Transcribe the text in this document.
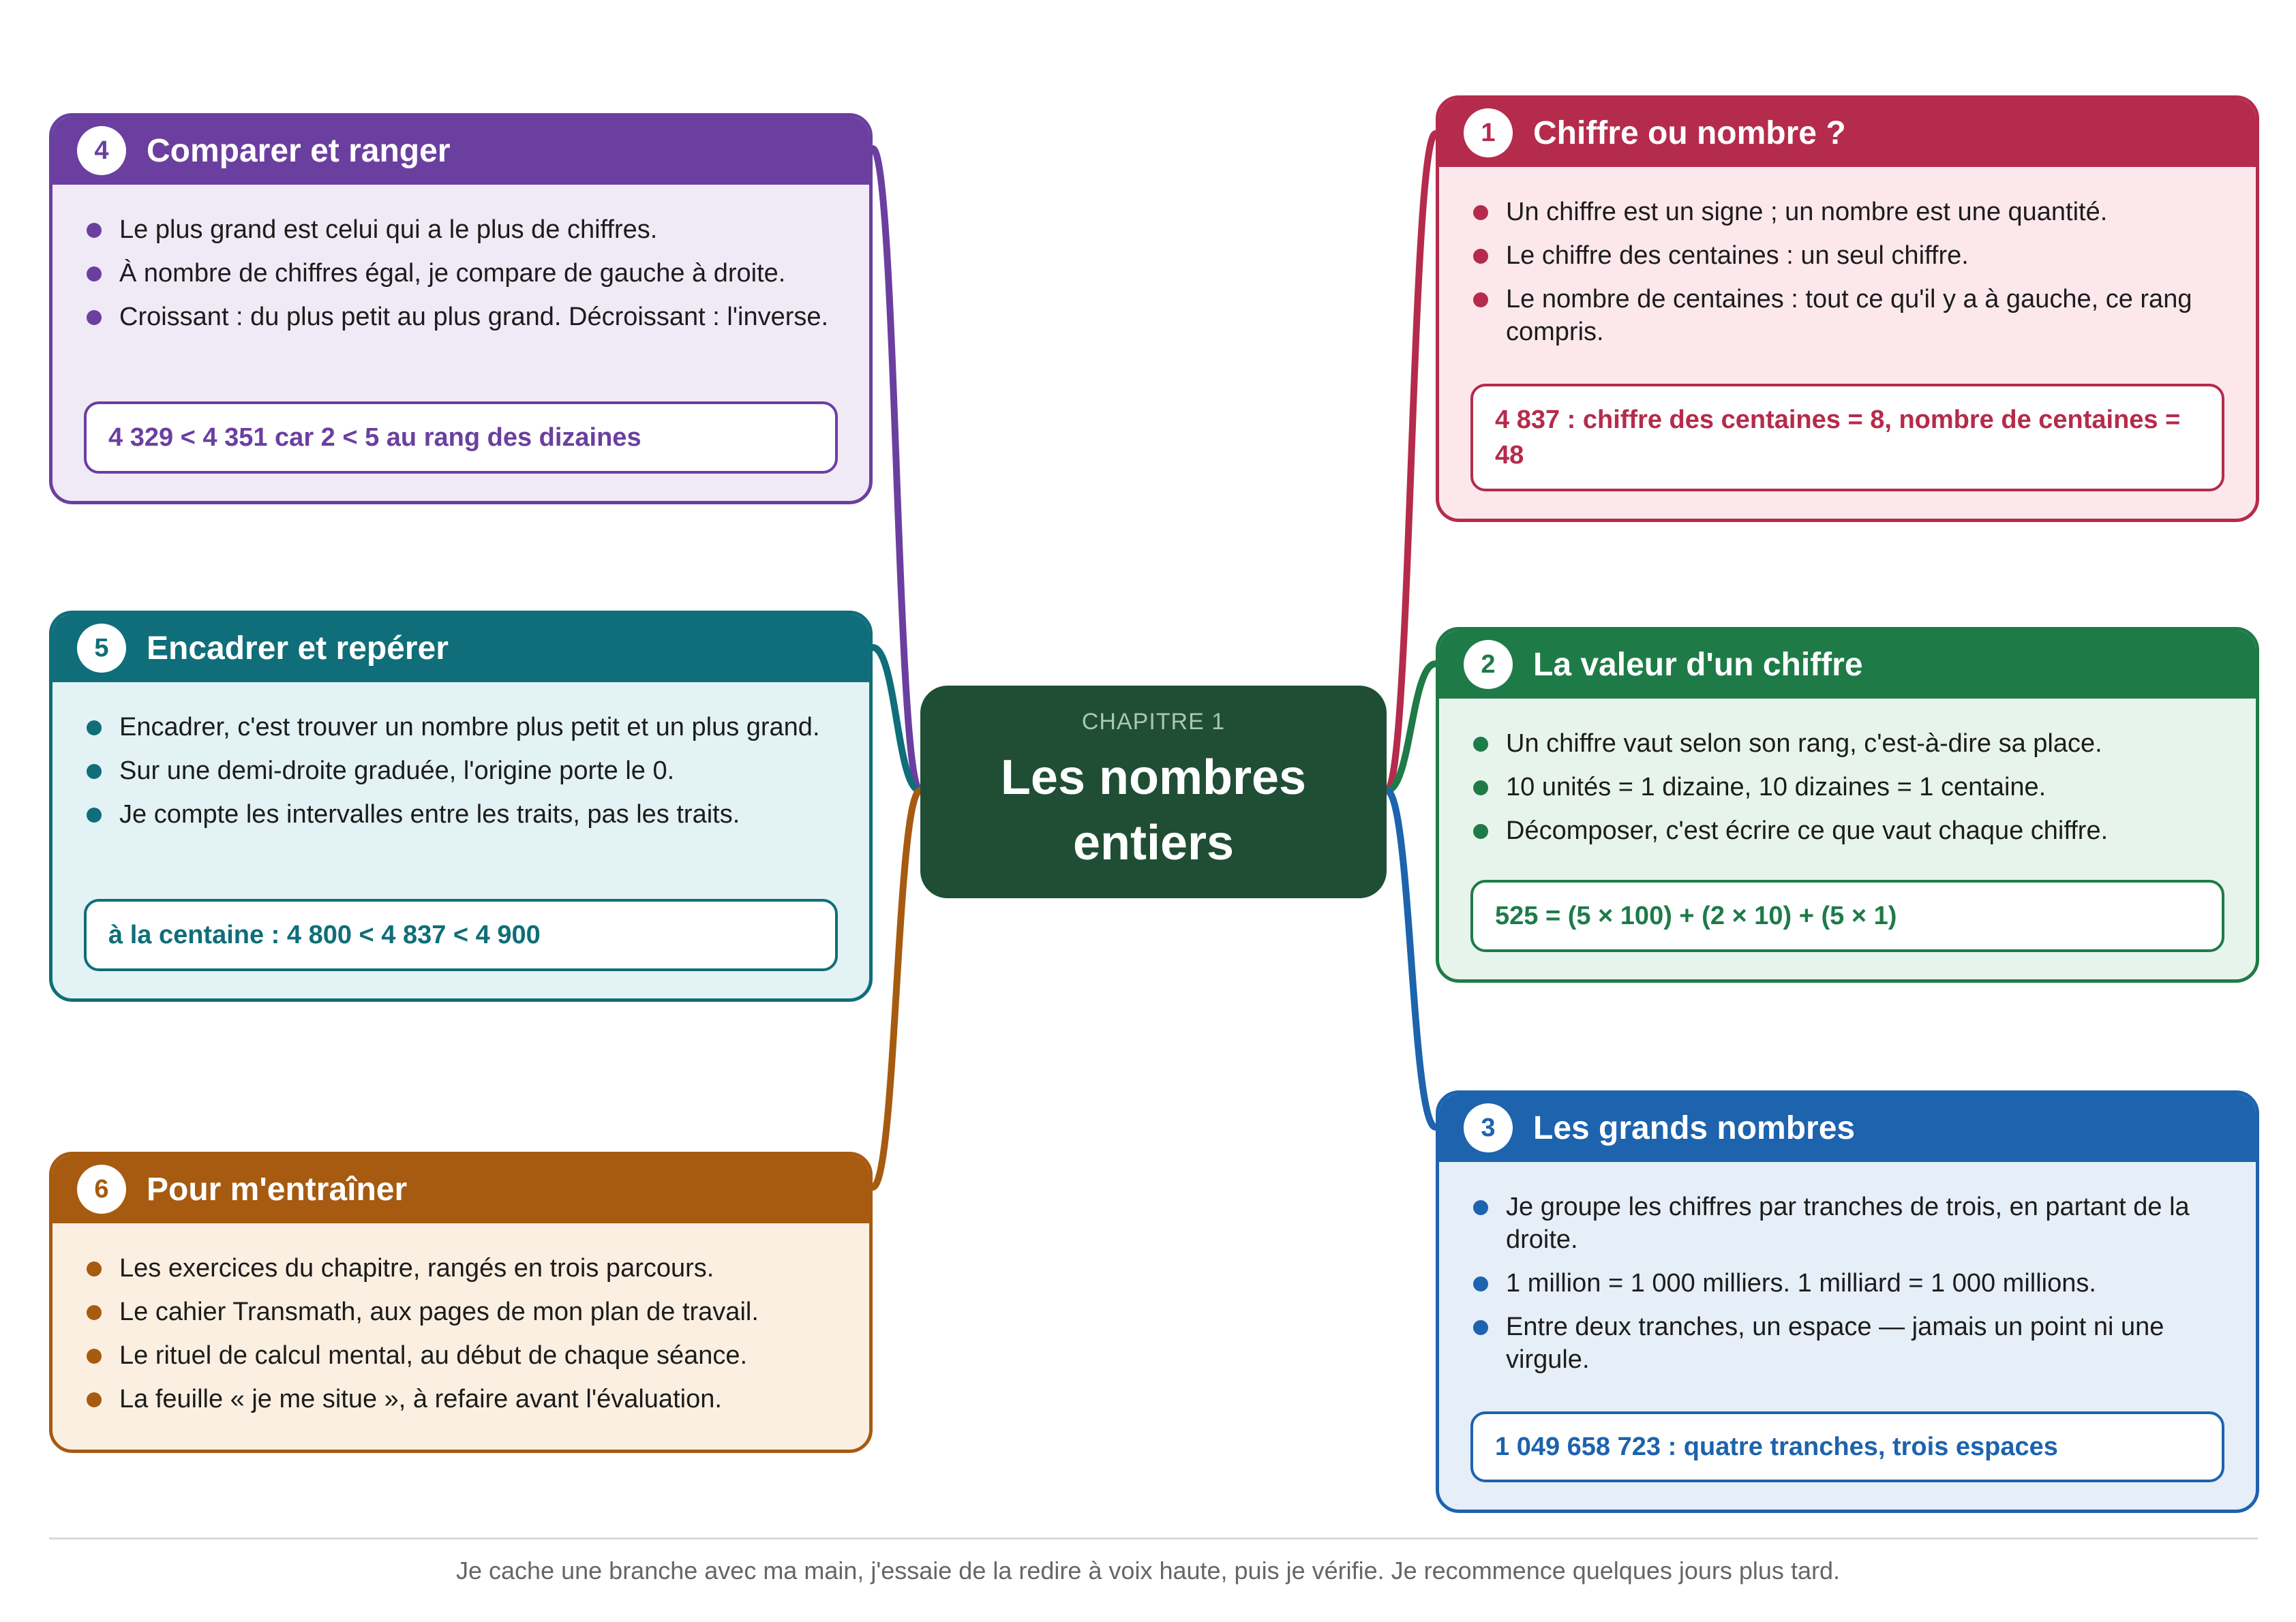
CHAPITRE 1
Les nombres entiers
4	Comparer et ranger
Le plus grand est celui qui a le plus de chiffres.
À nombre de chiffres égal, je compare de gauche à droite.
Croissant : du plus petit au plus grand. Décroissant : l'inverse.
4 329 < 4 351 car 2 < 5 au rang des dizaines
5	Encadrer et repérer
Encadrer, c'est trouver un nombre plus petit et un plus grand.
Sur une demi-droite graduée, l'origine porte le 0.
Je compte les intervalles entre les traits, pas les traits.
à la centaine : 4 800 < 4 837 < 4 900
6	Pour m'entraîner
Les exercices du chapitre, rangés en trois parcours.
Le cahier Transmath, aux pages de mon plan de travail.
Le rituel de calcul mental, au début de chaque séance.
La feuille « je me situe », à refaire avant l'évaluation.
1	Chiffre ou nombre ?
Un chiffre est un signe ; un nombre est une quantité.
Le chiffre des centaines : un seul chiffre.
Le nombre de centaines : tout ce qu'il y a à gauche, ce rang compris.
4 837 : chiffre des centaines = 8, nombre de centaines = 48
2	La valeur d'un chiffre
Un chiffre vaut selon son rang, c'est-à-dire sa place.
10 unités = 1 dizaine, 10 dizaines = 1 centaine.
Décomposer, c'est écrire ce que vaut chaque chiffre.
525 = (5 × 100) + (2 × 10) + (5 × 1)
3	Les grands nombres
Je groupe les chiffres par tranches de trois, en partant de la droite.
1 million = 1 000 milliers. 1 milliard = 1 000 millions.
Entre deux tranches, un espace — jamais un point ni une virgule.
1 049 658 723 : quatre tranches, trois espaces
Je cache une branche avec ma main, j'essaie de la redire à voix haute, puis je vérifie. Je recommence quelques jours plus tard.
